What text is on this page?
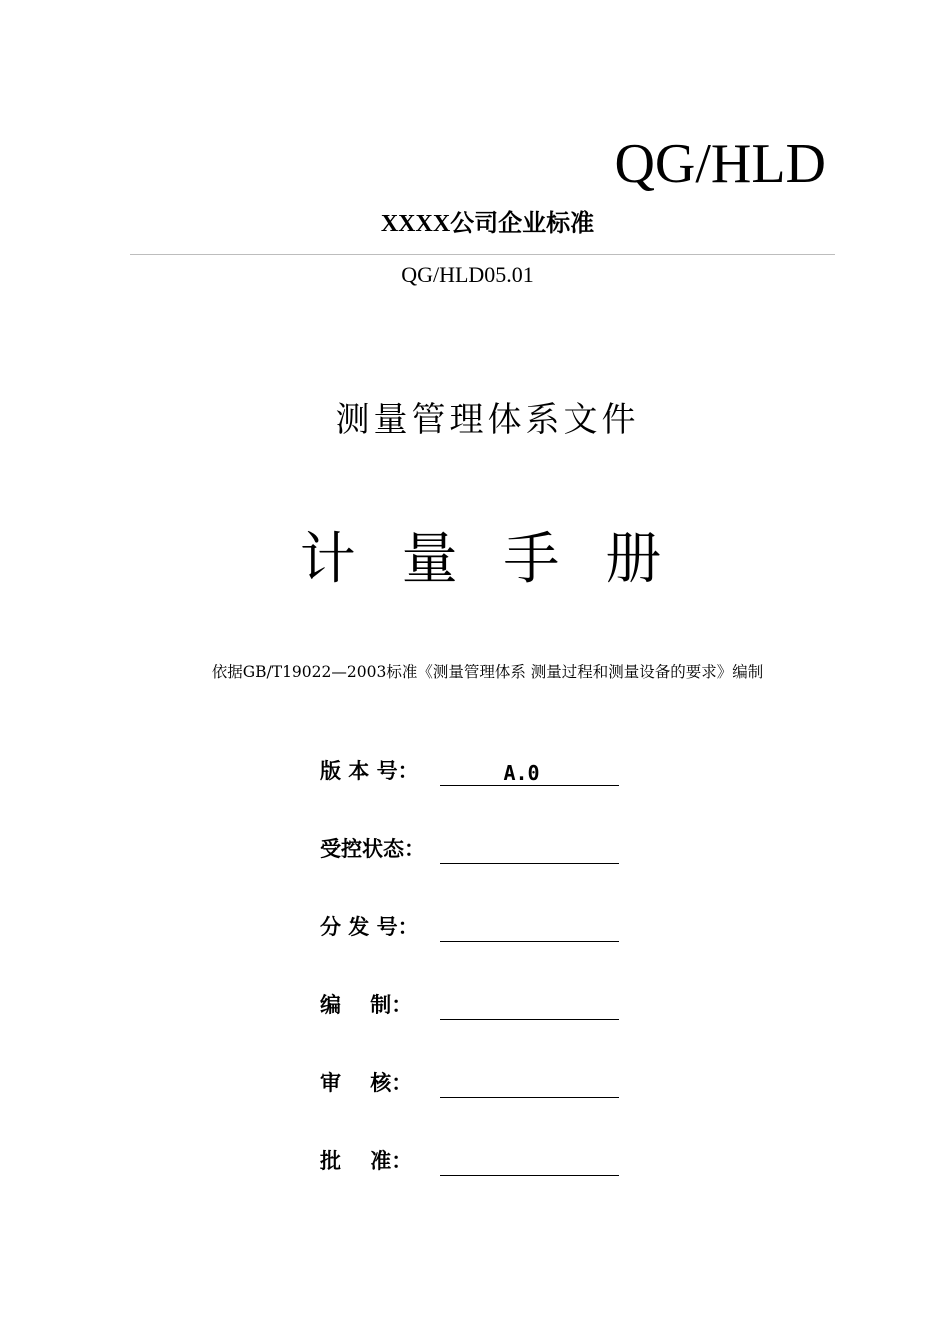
QG/HLD
XXXX公司企业标准
QG/HLD05.01
测量管理体系文件
计 量 手 册
依据GB/T19022—2003标准《测量管理体系 测量过程和测量设备的要求》编制
版 本 号：	A.0
受控状态：
分 发 号：
编    制：
审    核：
批    准：
